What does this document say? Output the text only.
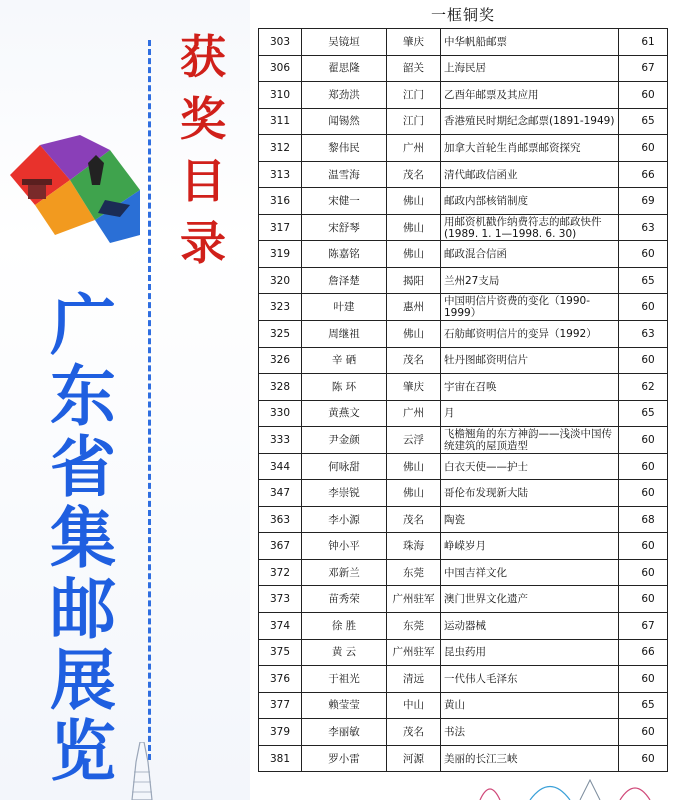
获奖目录
广东省集邮展览
一框铜奖
303	吴镜垣	肇庆	中华帆船邮票	61
306	翟思隆	韶关	上海民居	67
310	郑劲洪	江门	乙酉年邮票及其应用	60
311	闻锡然	江门	香港殖民时期纪念邮票(1891-1949)	65
312	黎伟民	广州	加拿大首轮生肖邮票邮资探究	60
313	温雪海	茂名	清代邮政信函业	66
316	宋健一	佛山	邮政内部核销制度	69
317	宋舒琴	佛山	用邮资机戳作纳费符志的邮政快件 (1989. 1. 1—1998. 6. 30)	63
319	陈嘉铭	佛山	邮政混合信函	60
320	詹泽楚	揭阳	兰州27支局	65
323	叶建	惠州	中国明信片资费的变化（1990-1999）	60
325	周继祖	佛山	石舫邮资明信片的变异（1992）	63
326	辛 硒	茂名	牡丹图邮资明信片	60
328	陈 环	肇庆	宇宙在召唤	62
330	黄燕文	广州	月	65
333	尹金颜	云浮	飞檐翘角的东方神韵——浅淡中国传统建筑的屋顶造型	60
344	何咏甜	佛山	白衣天使——护士	60
347	李崇锐	佛山	哥伦布发现新大陆	60
363	李小源	茂名	陶瓷	68
367	钟小平	珠海	峥嵘岁月	60
372	邓新兰	东莞	中国吉祥文化	60
373	苗秀荣	广州驻军	澳门世界文化遗产	60
374	徐 胜	东莞	运动器械	67
375	黄 云	广州驻军	昆虫药用	66
376	于祖光	清远	一代伟人毛泽东	60
377	赖莹莹	中山	黄山	65
379	李丽敏	茂名	书法	60
381	罗小雷	河源	美丽的长江三峡	60
